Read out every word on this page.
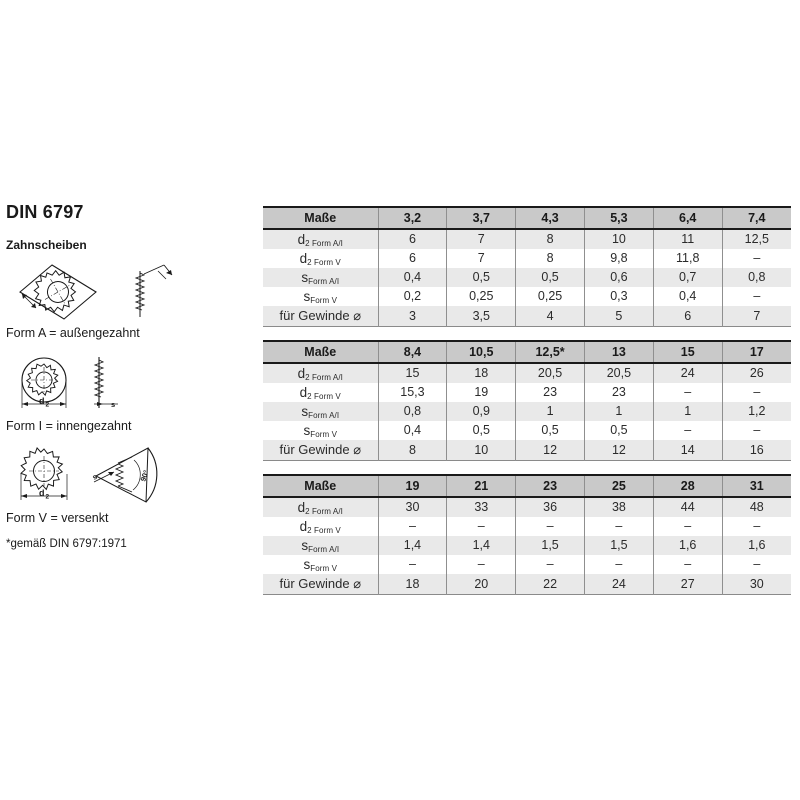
DIN 6797
Zahnscheiben
Form A = außengezahnt
d 2	s
Form I = innengezahnt
d 2
s	90°
Form V = versenkt
*gemäß DIN 6797:1971
Maße	3,2	3,7	4,3	5,3	6,4	7,4
$d_{2 Form A/I}$	6	7	8	10	11	12,5
$d_{2 Form V}$	6	7	8	9,8	11,8	–
$s_{Form A/I}$	0,4	0,5	0,5	0,6	0,7	0,8
$s_{Form V}$	0,2	0,25	0,25	0,3	0,4	–
für Gewinde ⌀	3	3,5	4	5	6	7
Maße	8,4	10,5	12,5*	13	15	17
$d_{2 Form A/I}$	15	18	20,5	20,5	24	26
$d_{2 Form V}$	15,3	19	23	23	–	–
$s_{Form A/I}$	0,8	0,9	1	1	1	1,2
$s_{Form V}$	0,4	0,5	0,5	0,5	–	–
für Gewinde ⌀	8	10	12	12	14	16
Maße	19	21	23	25	28	31
$d_{2 Form A/I}$	30	33	36	38	44	48
$d_{2 Form V}$	–	–	–	–	–	–
$s_{Form A/I}$	1,4	1,4	1,5	1,5	1,6	1,6
$s_{Form V}$	–	–	–	–	–	–
für Gewinde ⌀	18	20	22	24	27	30
